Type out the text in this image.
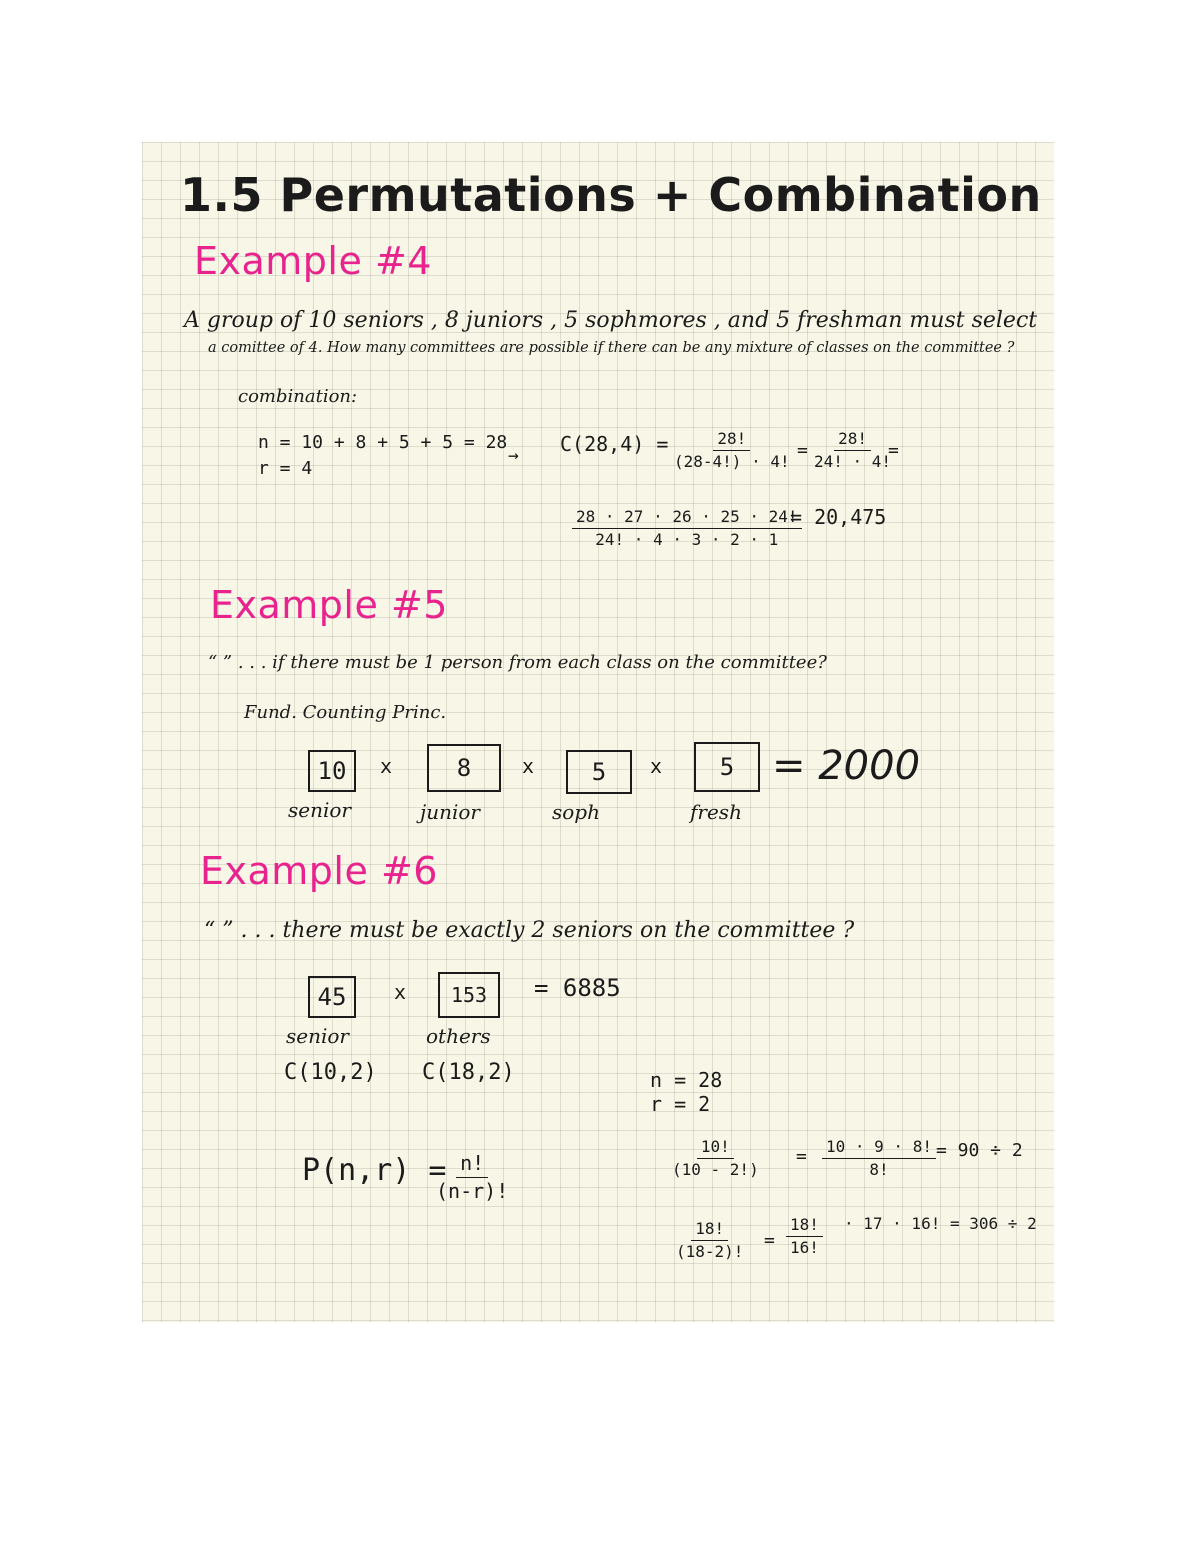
1.5 Permutations + Combination
Example #4
A group of 10 seniors , 8 juniors , 5 sophmores , and 5 freshman must select
a comittee of 4. How many committees are possible if there can be any mixture of classes on the committee ?
combination:
n = 10 + 8 + 5 + 5 = 28
r = 4
→ $C(28,4) = \frac{28!}{(28-4!) \cdot 4!} = \frac{28!}{24! \cdot 4!}$
=
$\frac{28 \cdot 27 \cdot 26 \cdot 25 \cdot 24!}{24! \cdot 4 \cdot 3 \cdot 2 \cdot 1}$
= 20,475
Example #5
“ ” . . . if there must be 1 person from each class on the committee?
Fund. Counting Princ.
10	x	8	x	5	x	5 = 2000
senior	junior	soph	fresh
Example #6
“ ” . . . there must be exactly 2 seniors on the committee ?
45	x	153	= 6885
senior	others
C(10,2) C(18,2)	n = 28
r = 2
P(n,r) =
$\frac{n!}{(n-r)!}$	$\frac{10!}{(10 - 2!)} = \frac{10 \cdot 9 \cdot 8!}{8!} = 90 \div 2$
$\frac{18!}{(18-2)!} = \frac{18!}{16!} \cdot 17 \cdot 16$! = 306 ÷ 2
